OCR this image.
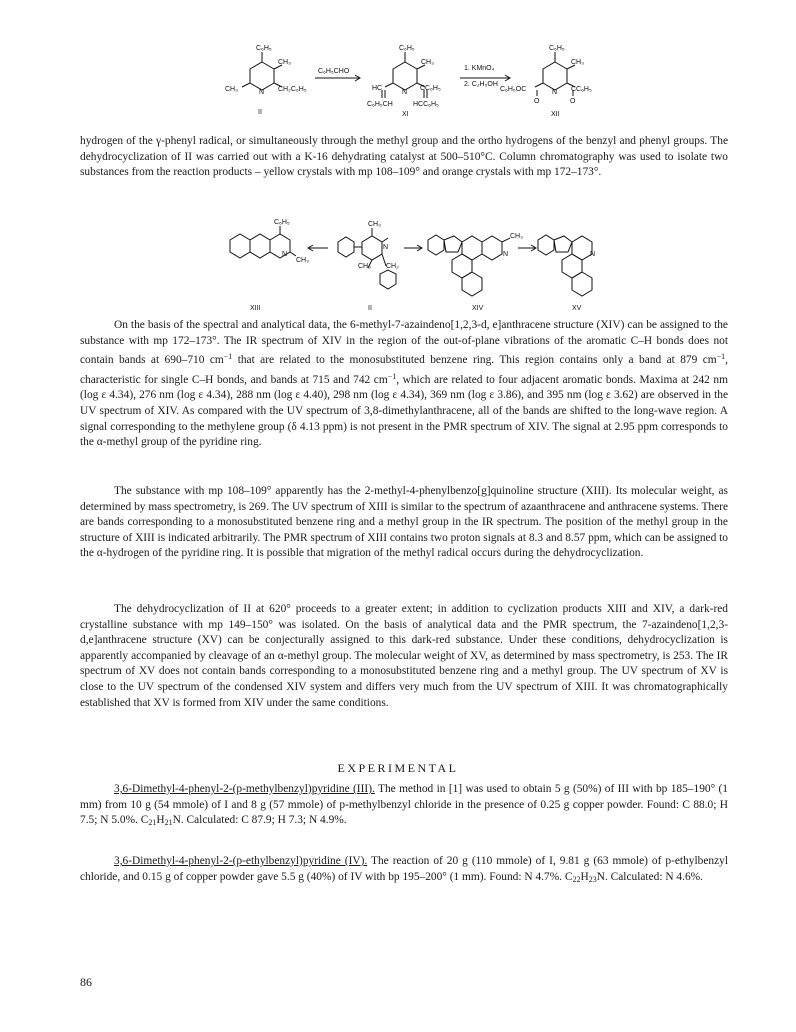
C₆H₅
CH₃
CH₃	N CH₂C₆H₅
II
C₆H₅CHO
C₆H₅
CH₃
HC
N
CC₆H₅
C₆H₅CH	HCC₆H₅
XI
1. KMnO₄
2. C₂H₅OH
C₆H₅
CH₃
C₆H₅OC	N CC₆H₅
O	O
XII

hydrogen of the γ-phenyl radical, or simultaneously through the methyl group and the ortho hydrogens of the benzyl and phenyl groups. The dehydrocyclization of II was carried out with a K-16 dehydrating catalyst at 500–510°C. Column chromatography was used to isolate two substances from the reaction products – yellow crystals with mp 108–109° and orange crystals with mp 172–173°.

C₆H₅
N
CH₃
CH₃
N
CH₃ CH₂
N
CH₃
N
XIII	II	XIV	XV

On the basis of the spectral and analytical data, the 6-methyl-7-azaindeno[1,2,3-d, e]anthracene structure (XIV) can be assigned to the substance with mp 172–173°. The IR spectrum of XIV in the region of the out-of-plane vibrations of the aromatic C–H bonds does not contain bands at 690–710 $cm^{-1}$ that are related to the monosubstituted benzene ring. This region contains only a band at 879 $cm^{-1}$, characteristic for single C–H bonds, and bands at 715 and 742 $cm^{-1}$, which are related to four adjacent aromatic bonds. Maxima at 242 nm (log ε 4.34), 276 nm (log ε 4.34), 288 nm (log ε 4.40), 298 nm (log ε 4.34), 369 nm (log ε 3.86), and 395 nm (log ε 3.62) are observed in the UV spectrum of XIV. As compared with the UV spectrum of 3,8-dimethylanthracene, all of the bands are shifted to the long-wave region. A signal corresponding to the methylene group (δ 4.13 ppm) is not present in the PMR spectrum of XIV. The signal at 2.95 ppm corresponds to the α-methyl group of the pyridine ring.

The substance with mp 108–109° apparently has the 2-methyl-4-phenylbenzo[g]quinoline structure (XIII). Its molecular weight, as determined by mass spectrometry, is 269. The UV spectrum of XIII is similar to the spectrum of azaanthracene and anthracene systems. There are bands corresponding to a monosubstituted benzene ring and a methyl group in the IR spectrum. The position of the methyl group in the structure of XIII is indicated arbitrarily. The PMR spectrum of XIII contains two proton signals at 8.3 and 8.57 ppm, which can be assigned to the α-hydrogen of the pyridine ring. It is possible that migration of the methyl radical occurs during the dehydrocyclization.

The dehydrocyclization of II at 620° proceeds to a greater extent; in addition to cyclization products XIII and XIV, a dark-red crystalline substance with mp 149–150° was isolated. On the basis of analytical data and the PMR spectrum, the 7-azaindeno[1,2,3-d,e]anthracene structure (XV) can be conjecturally assigned to this dark-red substance. Under these conditions, dehydrocyclization is apparently accompanied by cleavage of an α-methyl group. The molecular weight of XV, as determined by mass spectrometry, is 253. The IR spectrum of XV does not contain bands corresponding to a monosubstituted benzene ring and a methyl group. The UV spectrum of XV is close to the UV spectrum of the condensed XIV system and differs very much from the UV spectrum of XIII. It was chromatographically established that XV is formed from XIV under the same conditions.

EXPERIMENTAL

3,6-Dimethyl-4-phenyl-2-(p-methylbenzyl)pyridine (III). The method in [1] was used to obtain 5 g (50%) of III with bp 185–190° (1 mm) from 10 g (54 mmole) of I and 8 g (57 mmole) of p-methylbenzyl chloride in the presence of 0.25 g copper powder. Found: C 88.0; H 7.5; N 5.0%. $C_{21}H_{21}N$. Calculated: C 87.9; H 7.3; N 4.9%.

3,6-Dimethyl-4-phenyl-2-(p-ethylbenzyl)pyridine (IV). The reaction of 20 g (110 mmole) of I, 9.81 g (63 mmole) of p-ethylbenzyl chloride, and 0.15 g of copper powder gave 5.5 g (40%) of IV with bp 195–200° (1 mm). Found: N 4.7%. $C_{22}H_{23}N$. Calculated: N 4.6%.

86
